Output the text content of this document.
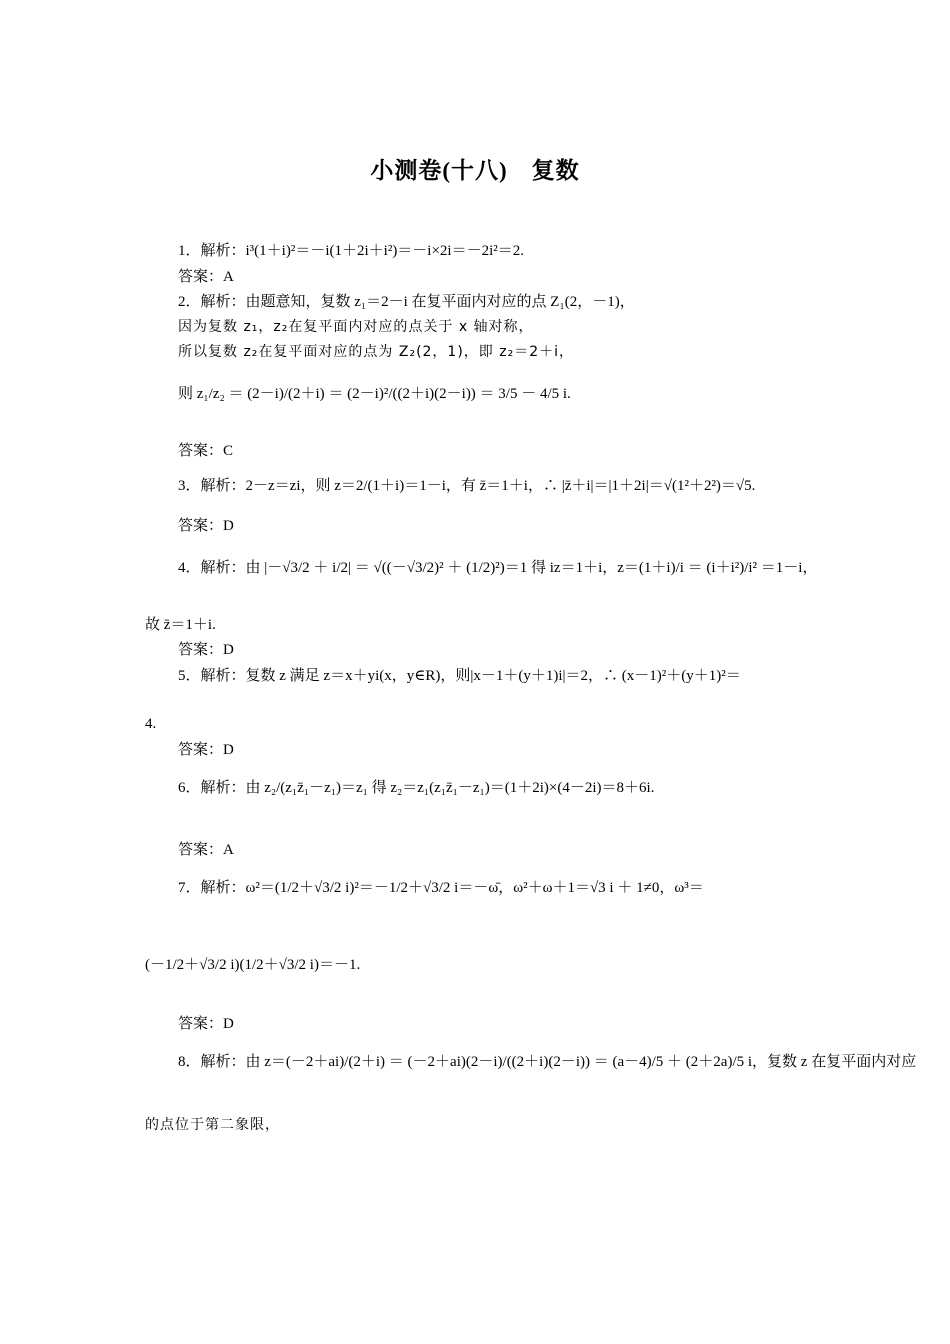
小测卷(十八)　复数
1．解析：i³(1＋i)²＝－i(1＋2i＋i²)＝－i×2i＝－2i²＝2.
答案：A
2．解析：由题意知，复数 z₁＝2－i 在复平面内对应的点 Z₁(2，－1)，
因为复数 z₁，z₂在复平面内对应的点关于 x 轴对称，
所以复数 z₂在复平面对应的点为 Z₂(2，1)，即 z₂＝2＋i，
则 z₁/z₂ ＝ (2－i)/(2＋i) ＝ (2－i)²/((2＋i)(2－i)) ＝ 3/5 － 4/5 i.
答案：C
3．解析：2－z＝zi，则 z＝2/(1＋i)＝1－i，有 z̄＝1＋i，∴ |z̄＋i|＝|1＋2i|＝√(1²＋2²)＝√5.
答案：D
4．解析：由 |－√3/2 ＋ i/2| ＝ √((－√3/2)² ＋ (1/2)²)＝1 得 iz＝1＋i，z＝(1＋i)/i ＝ (i＋i²)/i² ＝1－i，
故 z̄＝1＋i.
答案：D
5．解析：复数 z 满足 z＝x＋yi(x，y∈R)，则|x－1＋(y＋1)i|＝2，∴ (x－1)²＋(y＋1)²＝
4.
答案：D
6．解析：由 z₂/(z₁z̄₁－z₁)＝z₁ 得 z₂＝z₁(z₁z̄₁－z₁)＝(1＋2i)×(4－2i)＝8＋6i.
答案：A
7．解析：ω²＝(1/2＋√3/2 i)²＝－1/2＋√3/2 i＝－ω̄，ω²＋ω＋1＝√3 i ＋ 1≠0，ω³＝
(－1/2＋√3/2 i)(1/2＋√3/2 i)＝－1.
答案：D
8．解析：由 z＝(－2＋ai)/(2＋i) ＝ (－2＋ai)(2－i)/((2＋i)(2－i)) ＝ (a－4)/5 ＋ (2＋2a)/5 i，复数 z 在复平面内对应
的点位于第二象限，
